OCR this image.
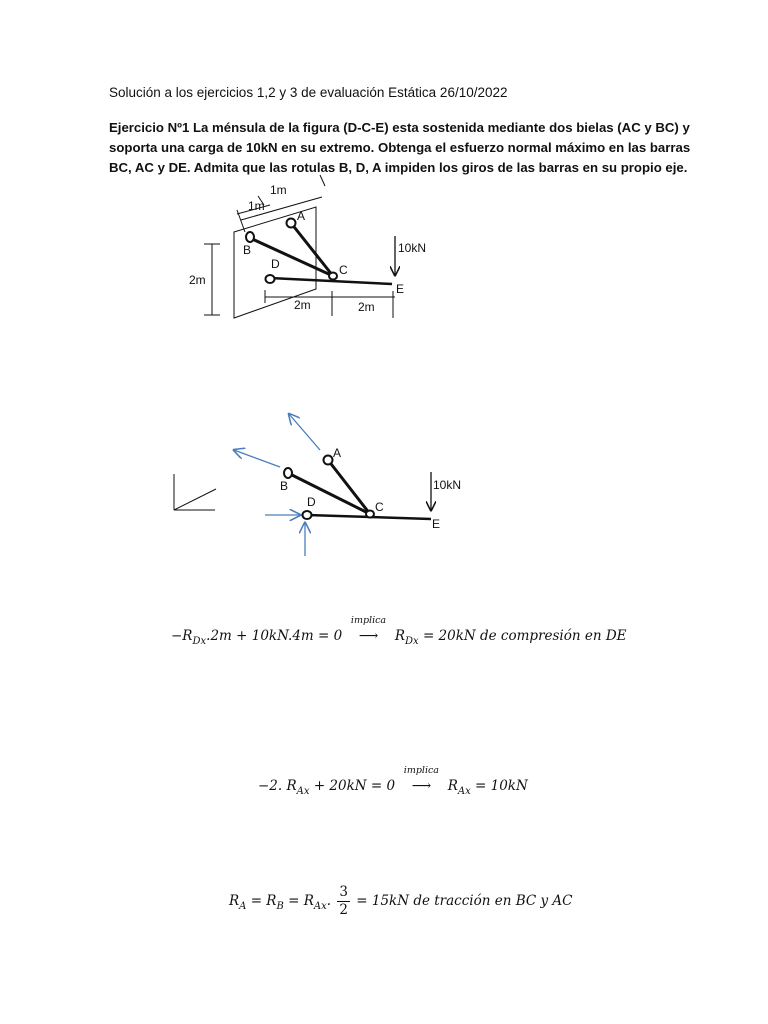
Solución a los ejercicios 1,2 y 3 de evaluación Estática 26/10/2022
Ejercicio Nº1 La ménsula de la figura (D-C-E) esta sostenida mediante dos bielas (AC y BC) y
soporta una carga de 10kN en su extremo. Obtenga el esfuerzo normal máximo en las barras
BC, AC y DE. Admita que las rotulas B, D, A impiden los giros de las barras en su propio eje.
1m
1m
2m
2m	2m
A
B
C
D
E
10kN
A
B
C
D
E
10kN
$-R_{Dx}.2m + 10kN.4m = 0$
implica
⟶ $R_{Dx} = 20kN$ de compresión en DE
−2. $R_{Ax} + 20kN = 0$
implica
⟶ $R_{Ax} = 10kN$
$R_A = R_B = R_{Ax}$. $\frac{3}{2} = 15kN$ de tracción en BC y AC
